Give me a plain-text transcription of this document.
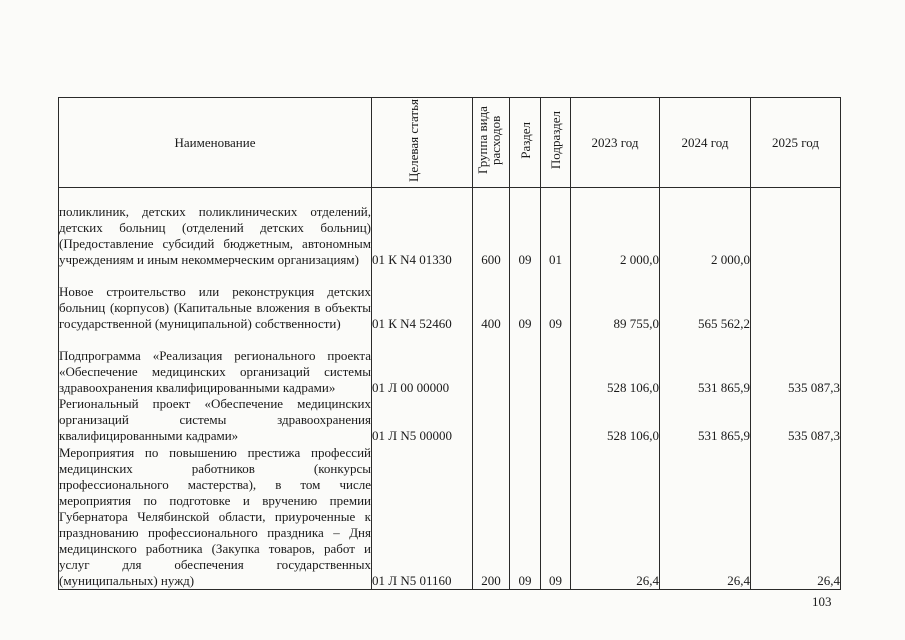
Наименование	Целевая статья	Группа вида расходов	Раздел	Подраздел	2023 год	2024 год	2025 год
поликлиник, детских поликлинических отделений, детских больниц (отделений детских больниц) (Предоставление субсидий бюджетным, автономным учреждениям и иным некоммерческим организациям)	01 К N4 01330	600	09	01	2 000,0	2 000,0	
Новое строительство или реконструкция детских больниц (корпусов) (Капитальные вложения в объекты государственной (муниципальной) собственности)	01 К N4 52460	400	09	09	89 755,0	565 562,2	
Подпрограмма «Реализация регионального проекта «Обеспечение медицинских организаций системы здравоохранения квалифицированными кадрами»	01 Л 00 00000				528 106,0	531 865,9	535 087,3
Региональный проект «Обеспечение медицинских организаций системы здравоохранения квалифицированными кадрами»	01 Л N5 00000				528 106,0	531 865,9	535 087,3
Мероприятия по повышению престижа профессий медицинских работников (конкурсы профессионального мастерства), в том числе мероприятия по подготовке и вручению премии Губернатора Челябинской области, приуроченные к празднованию профессионального праздника – Дня медицинского работника (Закупка товаров, работ и услуг для обеспечения государственных (муниципальных) нужд)	01 Л N5 01160	200	09	09	26,4	26,4	26,4
103
